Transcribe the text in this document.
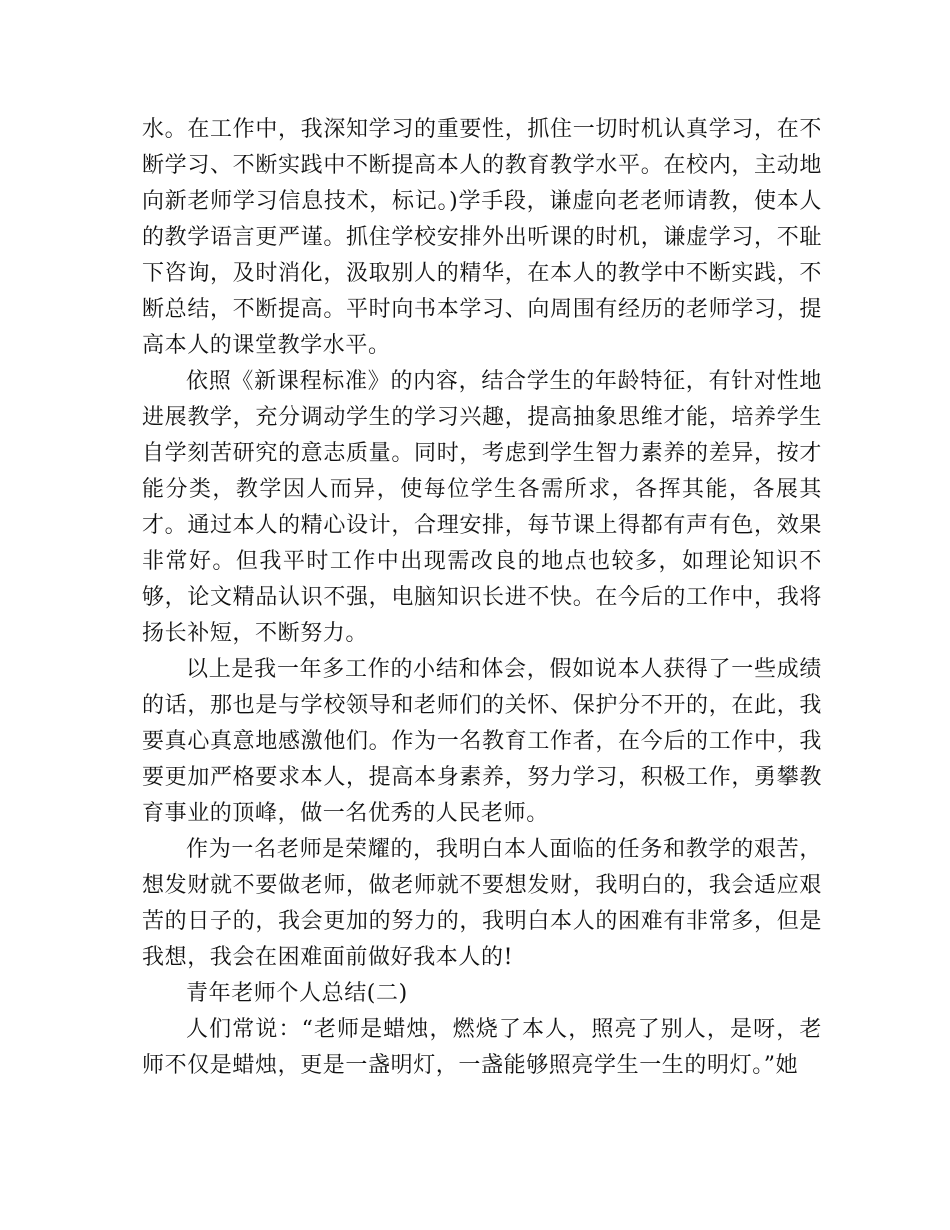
水。在工作中，我深知学习的重要性，抓住一切时机认真学习，在不断学习、不断实践中不断提高本人的教育教学水平。在校内，主动地向新老师学习信息技术，标记。)学手段，谦虚向老老师请教，使本人的教学语言更严谨。抓住学校安排外出听课的时机，谦虚学习，不耻下咨询，及时消化，汲取别人的精华，在本人的教学中不断实践，不断总结，不断提高。平时向书本学习、向周围有经历的老师学习，提高本人的课堂教学水平。

依照《新课程标准》的内容，结合学生的年龄特征，有针对性地进展教学，充分调动学生的学习兴趣，提高抽象思维才能，培养学生自学刻苦研究的意志质量。同时，考虑到学生智力素养的差异，按才能分类，教学因人而异，使每位学生各需所求，各挥其能，各展其才。通过本人的精心设计，合理安排，每节课上得都有声有色，效果非常好。但我平时工作中出现需改良的地点也较多，如理论知识不够，论文精品认识不强，电脑知识长进不快。在今后的工作中，我将扬长补短，不断努力。

以上是我一年多工作的小结和体会，假如说本人获得了一些成绩的话，那也是与学校领导和老师们的关怀、保护分不开的，在此，我要真心真意地感激他们。作为一名教育工作者，在今后的工作中，我要更加严格要求本人，提高本身素养，努力学习，积极工作，勇攀教育事业的顶峰，做一名优秀的人民老师。

作为一名老师是荣耀的，我明白本人面临的任务和教学的艰苦，想发财就不要做老师，做老师就不要想发财，我明白的，我会适应艰苦的日子的，我会更加的努力的，我明白本人的困难有非常多，但是我想，我会在困难面前做好我本人的!

青年老师个人总结(二)

人们常说：“老师是蜡烛，燃烧了本人，照亮了别人，是呀，老师不仅是蜡烛，更是一盏明灯，一盏能够照亮学生一生的明灯。”她
